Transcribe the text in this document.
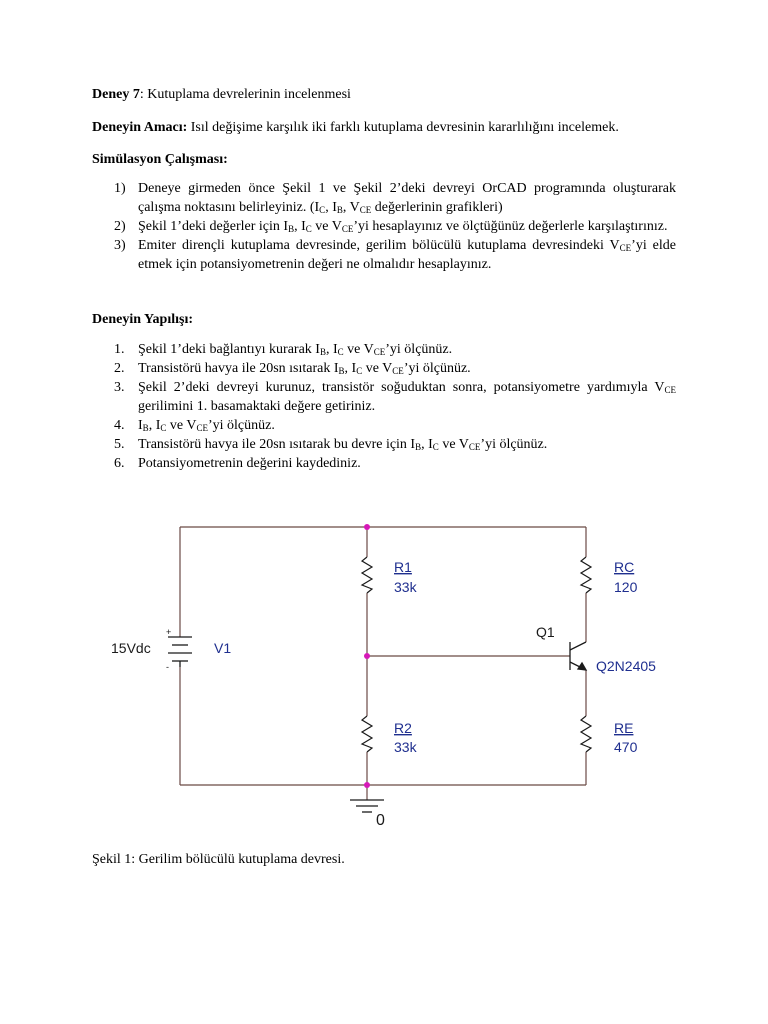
Deney 7: Kutuplama devrelerinin incelenmesi

Deneyin Amacı: Isıl değişime karşılık iki farklı kutuplama devresinin kararlılığını incelemek.

Simülasyon Çalışması:

1) Deneye girmeden önce Şekil 1 ve Şekil 2’deki devreyi OrCAD programında oluşturarak çalışma noktasını belirleyiniz. ($I_C$, $I_B$, $V_{CE}$ değerlerinin grafikleri)
2) Şekil 1’deki değerler için $I_B$, $I_C$ ve $V_{CE}’yi$ hesaplayınız ve ölçtüğünüz değerlerle karşılaştırınız.
3) Emiter dirençli kutuplama devresinde, gerilim bölücülü kutuplama devresindeki $V_{CE}’yi$ elde etmek için potansiyometrenin değeri ne olmalıdır hesaplayınız.

Deneyin Yapılışı:

1. Şekil 1’deki bağlantıyı kurarak $I_B$, $I_C$ ve $V_{CE}’yi$ ölçünüz.
2. Transistörü havya ile 20sn ısıtarak $I_B$, $I_C$ ve $V_{CE}’yi$ ölçünüz.
3. Şekil 2’deki devreyi kurunuz, transistör soğuduktan sonra, potansiyometre yardımıyla $V_{CE}$ gerilimini 1. basamaktaki değere getiriniz.
4. $I_B$, $I_C$ ve $V_{CE}’yi$ ölçünüz.
5. Transistörü havya ile 20sn ısıtarak bu devre için $I_B$, $I_C$ ve $V_{CE}’yi$ ölçünüz.
6. Potansiyometrenin değerini kaydediniz.
+
-
15Vdc	V1
R1
33k
R2
33k
RC
120
RE
470
Q1
Q2N2405
0

Şekil 1: Gerilim bölücülü kutuplama devresi.
